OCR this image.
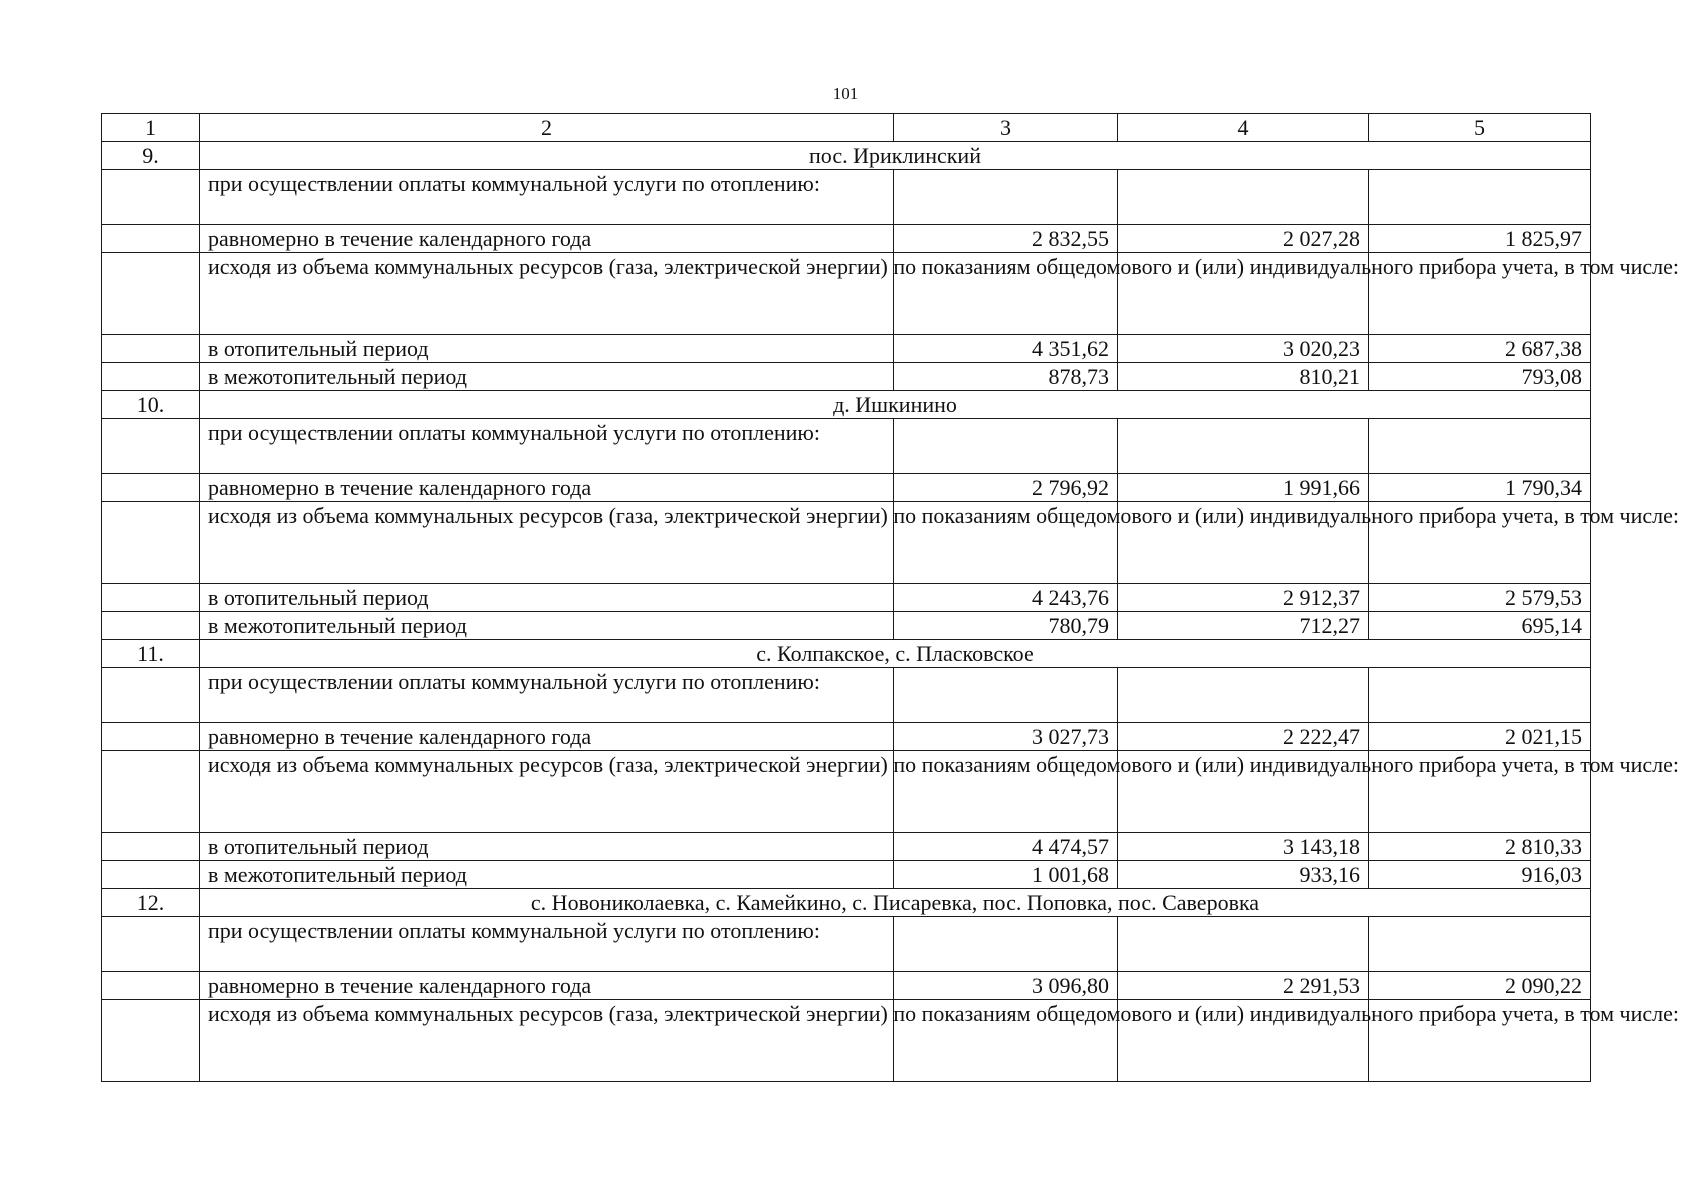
101
1	2	3	4	5
9.	пос. Ириклинский			
	при осуществлении оплаты коммунальной услуги по отоплению:			
	равномерно в течение календарного года	2 832,55	2 027,28	1 825,97
	исходя из объема коммунальных ресурсов (газа, электрической энергии) по показаниям общедомового и (или) индивидуального прибора учета, в том числе:			
	в отопительный период	4 351,62	3 020,23	2 687,38
	в межотопительный период	878,73	810,21	793,08
10.	д. Ишкинино			
	при осуществлении оплаты коммунальной услуги по отоплению:			
	равномерно в течение календарного года	2 796,92	1 991,66	1 790,34
	исходя из объема коммунальных ресурсов (газа, электрической энергии) по показаниям общедомового и (или) индивидуального прибора учета, в том числе:			
	в отопительный период	4 243,76	2 912,37	2 579,53
	в межотопительный период	780,79	712,27	695,14
11.	с. Колпакское, с. Пласковское			
	при осуществлении оплаты коммунальной услуги по отоплению:			
	равномерно в течение календарного года	3 027,73	2 222,47	2 021,15
	исходя из объема коммунальных ресурсов (газа, электрической энергии) по показаниям общедомового и (или) индивидуального прибора учета, в том числе:			
	в отопительный период	4 474,57	3 143,18	2 810,33
	в межотопительный период	1 001,68	933,16	916,03
12.	с. Новониколаевка, с. Камейкино, с. Писаревка, пос. Поповка, пос. Саверовка			
	при осуществлении оплаты коммунальной услуги по отоплению:			
	равномерно в течение календарного года	3 096,80	2 291,53	2 090,22
	исходя из объема коммунальных ресурсов (газа, электрической энергии) по показаниям общедомового и (или) индивидуального прибора учета, в том числе:			
